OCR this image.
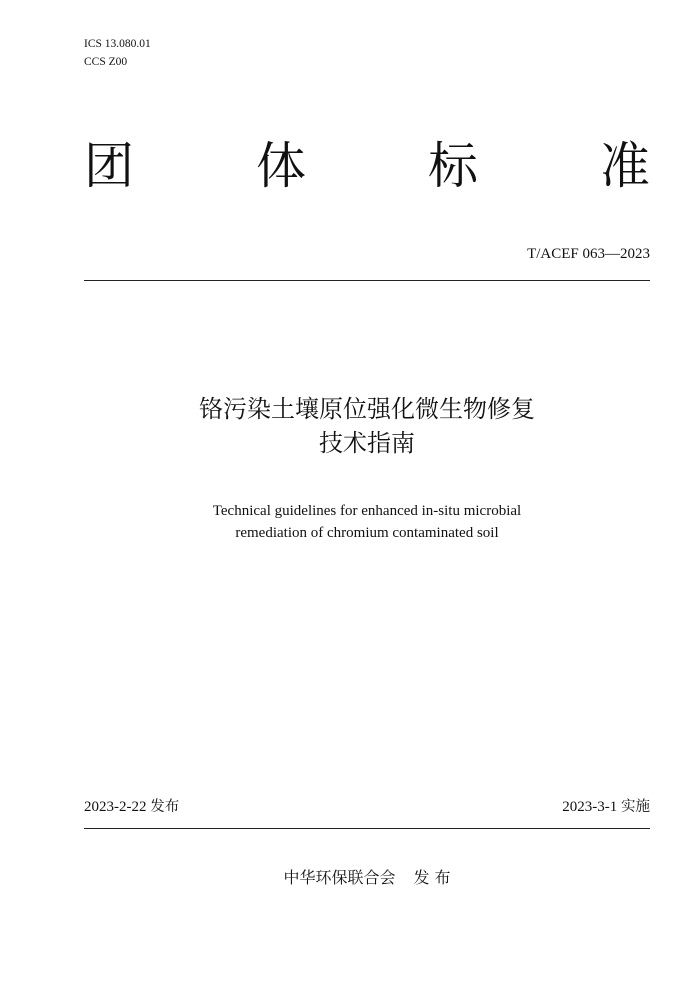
ICS 13.080.01
CCS Z00
团 体 标 准
T/ACEF 063—2023
铬污染土壤原位强化微生物修复
技术指南
Technical guidelines for enhanced in-situ microbial
remediation of chromium contaminated soil
2023-2-22 发布	2023-3-1 实施
中华环保联合会 发 布
